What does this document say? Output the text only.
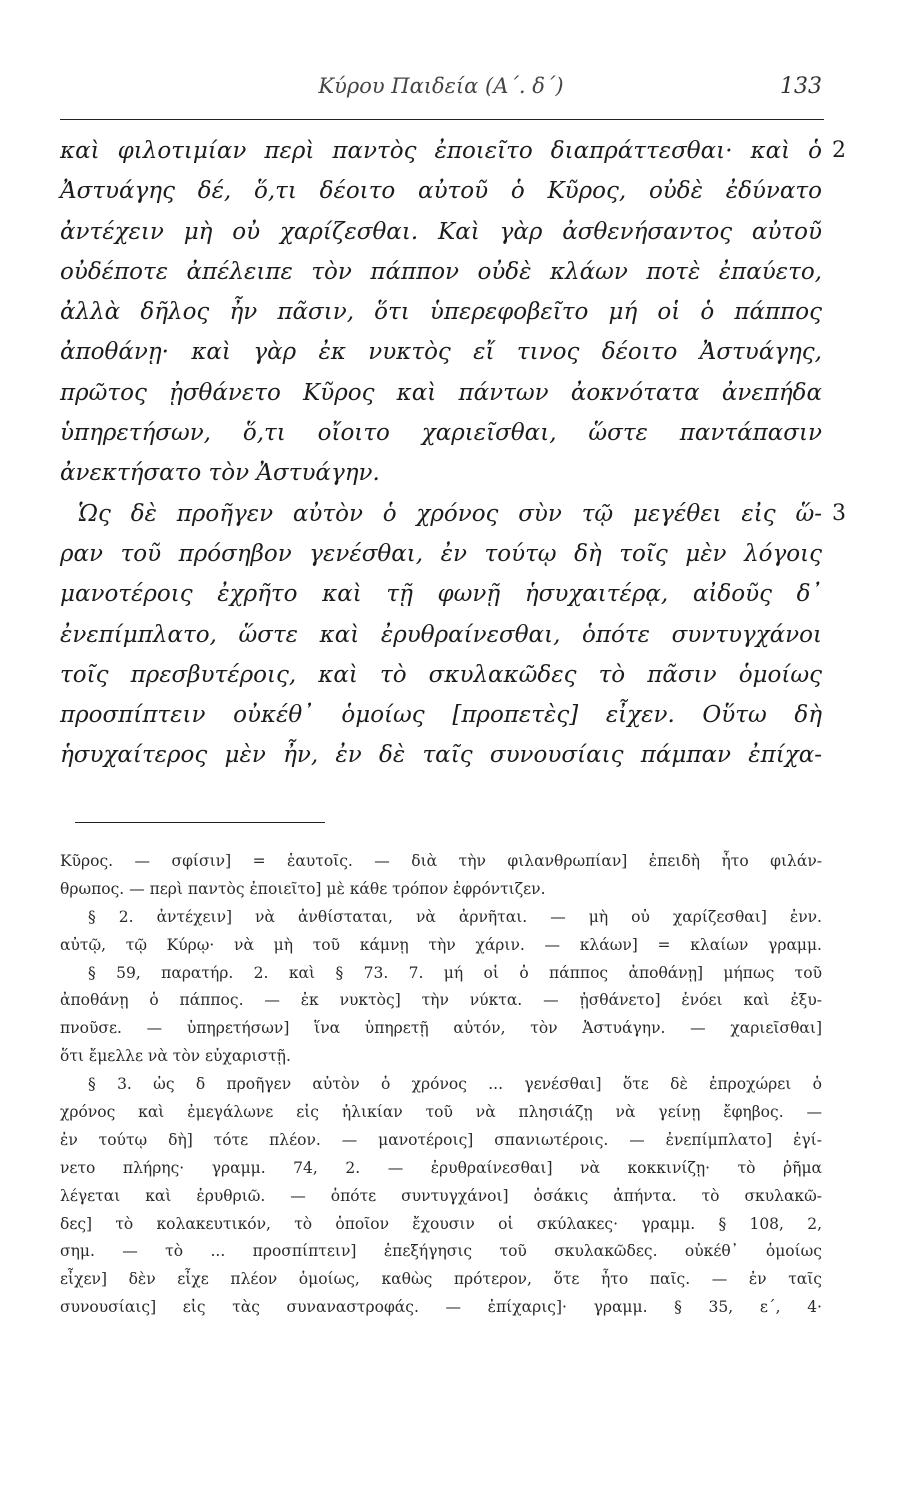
Κύρου Παιδεία (Α΄. δ΄)	133
καὶ φιλοτιμίαν περὶ παντὸς ἐποιεῖτο διαπράττεσθαι· καὶ ὁ 2
Ἀστυάγης δέ, ὅ,τι δέοιτο αὐτοῦ ὁ Κῦρος, οὐδὲ ἐδύνατο
ἀντέχειν μὴ οὐ χαρίζεσθαι. Καὶ γὰρ ἀσθενήσαντος αὐτοῦ
οὐδέποτε ἀπέλειπε τὸν πάππον οὐδὲ κλάων ποτὲ ἐπαύετο,
ἀλλὰ δῆλος ἦν πᾶσιν, ὅτι ὑπερεφοβεῖτο μή οἱ ὁ πάππος
ἀποθάνῃ· καὶ γὰρ ἐκ νυκτὸς εἴ τινος δέοιτο Ἀστυάγης,
πρῶτος ᾐσθάνετο Κῦρος καὶ πάντων ἀοκνότατα ἀνεπήδα
ὑπηρετήσων, ὅ,τι οἴοιτο χαριεῖσθαι, ὥστε παντάπασιν
ἀνεκτήσατο τὸν Ἀστυάγην.
Ὡς δὲ προῆγεν αὐτὸν ὁ χρόνος σὺν τῷ μεγέθει εἰς ὥ- 3
ραν τοῦ πρόσηβον γενέσθαι, ἐν τούτῳ δὴ τοῖς μὲν λόγοις
μανοτέροις ἐχρῆτο καὶ τῇ φωνῇ ἡσυχαιτέρᾳ, αἰδοῦς δ᾽
ἐνεπίμπλατο, ὥστε καὶ ἐρυθραίνεσθαι, ὁπότε συντυγχάνοι
τοῖς πρεσβυτέροις, καὶ τὸ σκυλακῶδες τὸ πᾶσιν ὁμοίως
προσπίπτειν οὐκέθ᾽ ὁμοίως [προπετὲς] εἶχεν. Οὕτω δὴ
ἡσυχαίτερος μὲν ἦν, ἐν δὲ ταῖς συνουσίαις πάμπαν ἐπίχα-
Κῦρος. — σφίσιν] = ἑαυτοῖς. — διὰ τὴν φιλανθρωπίαν] ἐπειδὴ ἦτο φιλάν-
θρωπος. — περὶ παντὸς ἐποιεῖτο] μὲ κάθε τρόπον ἐφρόντιζεν.
§ 2. ἀντέχειν] νὰ ἀνθίσταται, νὰ ἀρνῆται. — μὴ οὐ χαρίζεσθαι] ἐνν.
αὐτῷ, τῷ Κύρῳ· νὰ μὴ τοῦ κάμνῃ τὴν χάριν. — κλάων] = κλαίων γραμμ.
§ 59, παρατήρ. 2. καὶ § 73. 7. μή οἱ ὁ πάππος ἀποθάνῃ] μήπως τοῦ
ἀποθάνῃ ὁ πάππος. — ἐκ νυκτὸς] τὴν νύκτα. — ᾐσθάνετο] ἐνόει καὶ ἐξυ-
πνοῦσε. — ὑπηρετήσων] ἵνα ὑπηρετῇ αὐτόν, τὸν Ἀστυάγην. — χαριεῖσθαι]
ὅτι ἔμελλε νὰ τὸν εὐχαριστῇ.
§ 3. ὡς δ προῆγεν αὐτὸν ὁ χρόνος ... γενέσθαι] ὅτε δὲ ἐπροχώρει ὁ
χρόνος καὶ ἐμεγάλωνε εἰς ἡλικίαν τοῦ νὰ πλησιάζῃ νὰ γείνῃ ἔφηβος. —
ἐν τούτῳ δὴ] τότε πλέον. — μανοτέροις] σπανιωτέροις. — ἐνεπίμπλατο] ἐγί-
νετο πλήρης· γραμμ. 74, 2. — ἐρυθραίνεσθαι] νὰ κοκκινίζῃ· τὸ ῥῆμα
λέγεται καὶ ἐρυθριῶ. — ὁπότε συντυγχάνοι] ὁσάκις ἀπήντα. τὸ σκυλακῶ-
δες] τὸ κολακευτικόν, τὸ ὁποῖον ἔχουσιν οἱ σκύλακες· γραμμ. § 108, 2,
σημ. — τὸ ... προσπίπτειν] ἐπεξήγησις τοῦ σκυλακῶδες. οὐκέθ᾽ ὁμοίως
εἶχεν] δὲν εἶχε πλέον ὁμοίως, καθὼς πρότερον, ὅτε ἦτο παῖς. — ἐν ταῖς
συνουσίαις] εἰς τὰς συναναστροφάς. — ἐπίχαρις]· γραμμ. § 35, ε΄, 4·
